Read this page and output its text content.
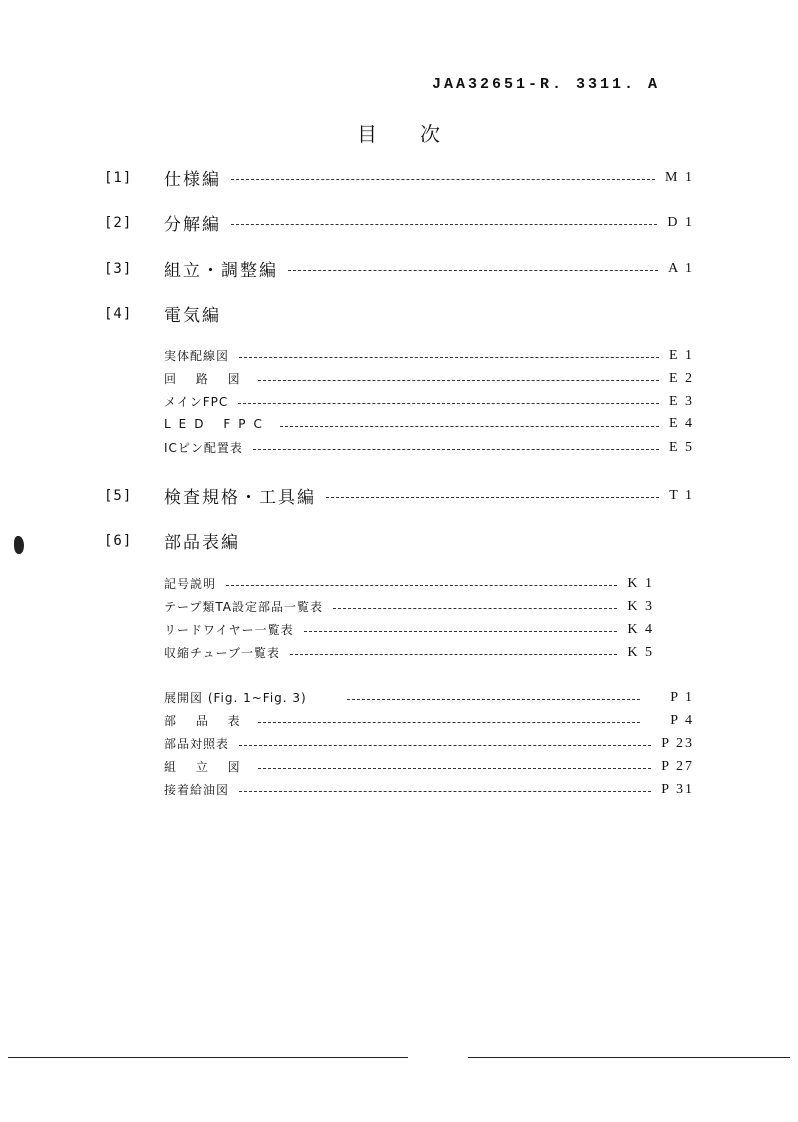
JAA32651-R. 3311. A
目 次
[1]	仕様編	M 1
[2]	分解編	D 1
[3]	組立・調整編	A 1
[4]	電気編
実体配線図	E 1
回 路 図	E 2
メインFPC	E 3
LED FPC	E 4
ICピン配置表	E 5
[5]	検査規格・工具編	T 1
[6]	部品表編
記号説明	K 1
テープ類TA設定部品一覧表	K 3
リードワイヤー一覧表	K 4
収縮チューブ一覧表	K 5
展開図 (Fig. 1~Fig. 3)	P 1
部 品 表	P 4
部品対照表	P 23
組 立 図	P 27
接着給油図	P 31
